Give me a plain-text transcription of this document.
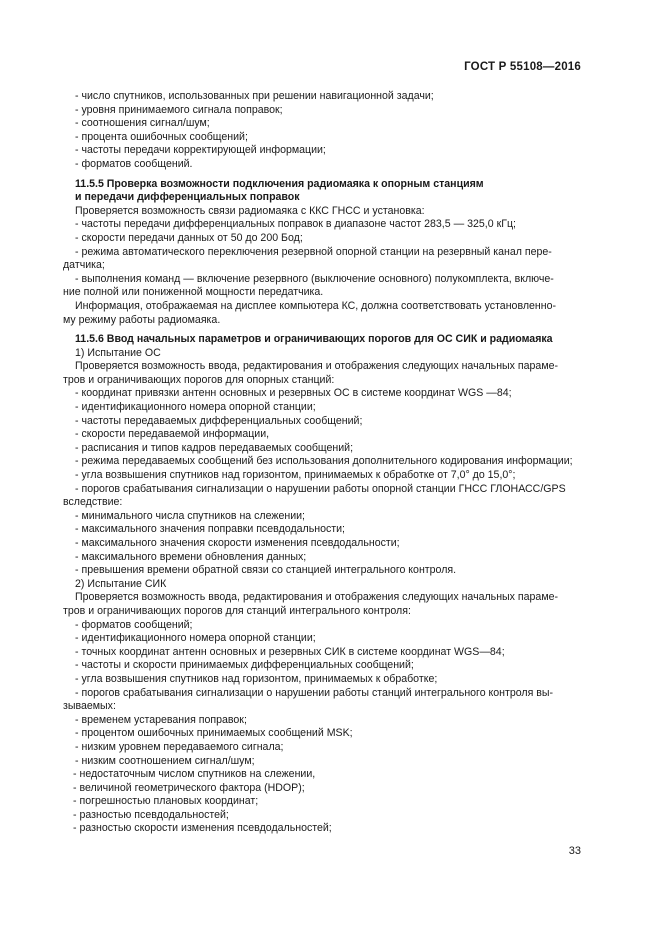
ГОСТ Р 55108—2016

- число спутников, использованных при решении навигационной задачи;

- уровня принимаемого сигнала поправок;

- соотношения сигнал/шум;

- процента ошибочных сообщений;

- частоты передачи корректирующей информации;

- форматов сообщений.

11.5.5 Проверка возможности подключения радиомаяка к опорным станциям

и передачи дифференциальных поправок

Проверяется возможность связи радиомаяка с ККС ГНСС и установка:

- частоты передачи дифференциальных поправок в диапазоне частот 283,5 — 325,0 кГц;

- скорости передачи данных от 50 до 200 Бод;

- режима автоматического переключения резервной опорной станции на резервный канал пере-

датчика;

- выполнения команд — включение резервного (выключение основного) полукомплекта, включе-

ние полной или пониженной мощности передатчика.

Информация, отображаемая на дисплее компьютера КС, должна соответствовать установленно-

му режиму работы радиомаяка.

11.5.6 Ввод начальных параметров и ограничивающих порогов для ОС СИК и радиомаяка

1) Испытание ОС

Проверяется возможность ввода, редактирования и отображения следующих начальных параме-

тров и ограничивающих порогов для опорных станций:

- координат привязки антенн основных и резервных ОС в системе координат WGS —84;

- идентификационного номера опорной станции;

- частоты передаваемых дифференциальных сообщений;

- скорости передаваемой информации,

- расписания и типов кадров передаваемых сообщений;

- режима передаваемых сообщений без использования дополнительного кодирования информации;

- угла возвышения спутников над горизонтом, принимаемых к обработке от 7,0° до 15,0°;

- порогов срабатывания сигнализации о нарушении работы опорной станции ГНСС ГЛОНАСС/GPS

вследствие:

- минимального числа спутников на слежении;

- максимального значения поправки псевдодальности;

- максимального значения скорости изменения псевдодальности;

- максимального времени обновления данных;

- превышения времени обратной связи со станцией интегрального контроля.

2) Испытание СИК

Проверяется возможность ввода, редактирования и отображения следующих начальных параме-

тров и ограничивающих порогов для станций интегрального контроля:

- форматов сообщений;

- идентификационного номера опорной станции;

- точных координат антенн основных и резервных СИК в системе координат WGS—84;

- частоты и скорости принимаемых дифференциальных сообщений;

- угла возвышения спутников над горизонтом, принимаемых к обработке;

- порогов срабатывания сигнализации о нарушении работы станций интегрального контроля вы-

зываемых:

- временем устаревания поправок;

- процентом ошибочных принимаемых сообщений MSK;

- низким уровнем передаваемого сигнала;

- низким соотношением сигнал/шум;

- недостаточным числом спутников на слежении,

- величиной геометрического фактора (HDOP);

- погрешностью плановых координат;

- разностью псевдодальностей;

- разностью скорости изменения псевдодальностей;

33
